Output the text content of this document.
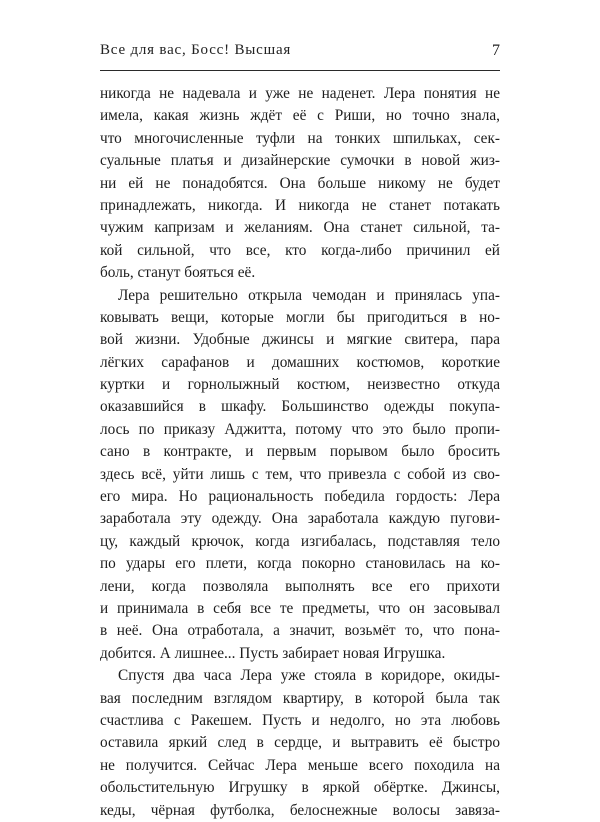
Все для вас, Босс! Высшая	7
никогда не надевала и уже не наденет. Лера понятия не
имела, какая жизнь ждёт её с Риши, но точно знала,
что многочисленные туфли на тонких шпильках, сек-
суальные платья и дизайнерские сумочки в новой жиз-
ни ей не понадобятся. Она больше никому не будет
принадлежать, никогда. И никогда не станет потакать
чужим капризам и желаниям. Она станет сильной, та-
кой сильной, что все, кто когда-либо причинил ей
боль, станут бояться её.
Лера решительно открыла чемодан и принялась упа-
ковывать вещи, которые могли бы пригодиться в но-
вой жизни. Удобные джинсы и мягкие свитера, пара
лёгких сарафанов и домашних костюмов, короткие
куртки и горнолыжный костюм, неизвестно откуда
оказавшийся в шкафу. Большинство одежды покупа-
лось по приказу Аджитта, потому что это было пропи-
сано в контракте, и первым порывом было бросить
здесь всё, уйти лишь с тем, что привезла с собой из сво-
его мира. Но рациональность победила гордость: Лера
заработала эту одежду. Она заработала каждую пугови-
цу, каждый крючок, когда изгибалась, подставляя тело
по удары его плети, когда покорно становилась на ко-
лени, когда позволяла выполнять все его прихоти
и принимала в себя все те предметы, что он засовывал
в неё. Она отработала, а значит, возьмёт то, что пона-
добится. А лишнее... Пусть забирает новая Игрушка.
Спустя два часа Лера уже стояла в коридоре, окиды-
вая последним взглядом квартиру, в которой была так
счастлива с Ракешем. Пусть и недолго, но эта любовь
оставила яркий след в сердце, и вытравить её быстро
не получится. Сейчас Лера меньше всего походила на
обольстительную Игрушку в яркой обёртке. Джинсы,
кеды, чёрная футболка, белоснежные волосы завяза-
